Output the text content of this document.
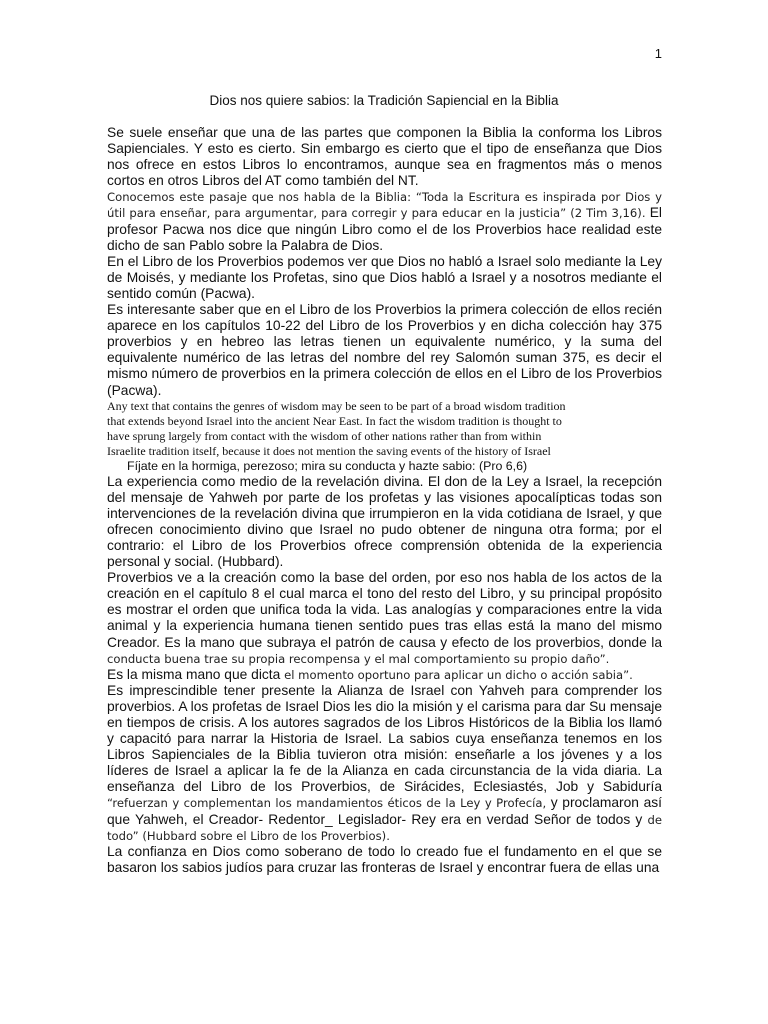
1
Dios nos quiere sabios: la Tradición Sapiencial en la Biblia

Se suele enseñar que una de las partes que componen la Biblia la conforma los Libros Sapienciales. Y esto es cierto. Sin embargo es cierto que el tipo de enseñanza que Dios nos ofrece en estos Libros lo encontramos, aunque sea en fragmentos más o menos cortos en otros Libros del AT como también del NT.

Conocemos este pasaje que nos habla de la Biblia: “Toda la Escritura es inspirada por Dios y útil para enseñar, para argumentar, para corregir y para educar en la justicia” (2 Tim 3,16). El profesor Pacwa nos dice que ningún Libro como el de los Proverbios hace realidad este dicho de san Pablo sobre la Palabra de Dios.

En el Libro de los Proverbios podemos ver que Dios no habló a Israel solo mediante la Ley de Moisés, y mediante los Profetas, sino que Dios habló a Israel y a nosotros mediante el sentido común (Pacwa).

Es interesante saber que en el Libro de los Proverbios la primera colección de ellos recién aparece en los capítulos 10-22 del Libro de los Proverbios y en dicha colección hay 375 proverbios y en hebreo las letras tienen un equivalente numérico, y la suma del equivalente numérico de las letras del nombre del rey Salomón suman 375, es decir el mismo número de proverbios en la primera colección de ellos en el Libro de los Proverbios (Pacwa).

Any text that contains the genres of wisdom may be seen to be part of a broad wisdom tradition that extends beyond Israel into the ancient Near East. In fact the wisdom tradition is thought to have sprung largely from contact with the wisdom of other nations rather than from within Israelite tradition itself, because it does not mention the saving events of the history of Israel

Fíjate en la hormiga, perezoso; mira su conducta y hazte sabio: (Pro 6,6)

La experiencia como medio de la revelación divina. El don de la Ley a Israel, la recepción del mensaje de Yahweh por parte de los profetas y las visiones apocalípticas todas son intervenciones de la revelación divina que irrumpieron en la vida cotidiana de Israel, y que ofrecen conocimiento divino que Israel no pudo obtener de ninguna otra forma; por el contrario: el Libro de los Proverbios ofrece comprensión obtenida de la experiencia personal y social. (Hubbard).

Proverbios ve a la creación como la base del orden, por eso nos habla de los actos de la creación en el capítulo 8 el cual marca el tono del resto del Libro, y su principal propósito es mostrar el orden que unifica toda la vida. Las analogías y comparaciones entre la vida animal y la experiencia humana tienen sentido pues tras ellas está la mano del mismo Creador. Es la mano que subraya el patrón de causa y efecto de los proverbios, donde la conducta buena trae su propia recompensa y el mal comportamiento su propio daño”.

Es la misma mano que dicta el momento oportuno para aplicar un dicho o acción sabia”.

Es imprescindible tener presente la Alianza de Israel con Yahveh para comprender los proverbios. A los profetas de Israel Dios les dio la misión y el carisma para dar Su mensaje en tiempos de crisis. A los autores sagrados de los Libros Históricos de la Biblia los llamó y capacitó para narrar la Historia de Israel. La sabios cuya enseñanza tenemos en los Libros Sapienciales de la Biblia tuvieron otra misión: enseñarle a los jóvenes y a los líderes de Israel a aplicar la fe de la Alianza en cada circunstancia de la vida diaria. La enseñanza del Libro de los Proverbios, de Sirácides, Eclesiastés, Job y Sabiduría “refuerzan y complementan los mandamientos éticos de la Ley y Profecía, y proclamaron así que Yahweh, el Creador- Redentor_ Legislador- Rey era en verdad Señor de todos y de todo” (Hubbard sobre el Libro de los Proverbios).

La confianza en Dios como soberano de todo lo creado fue el fundamento en el que se basaron los sabios judíos para cruzar las fronteras de Israel y encontrar fuera de ellas una
